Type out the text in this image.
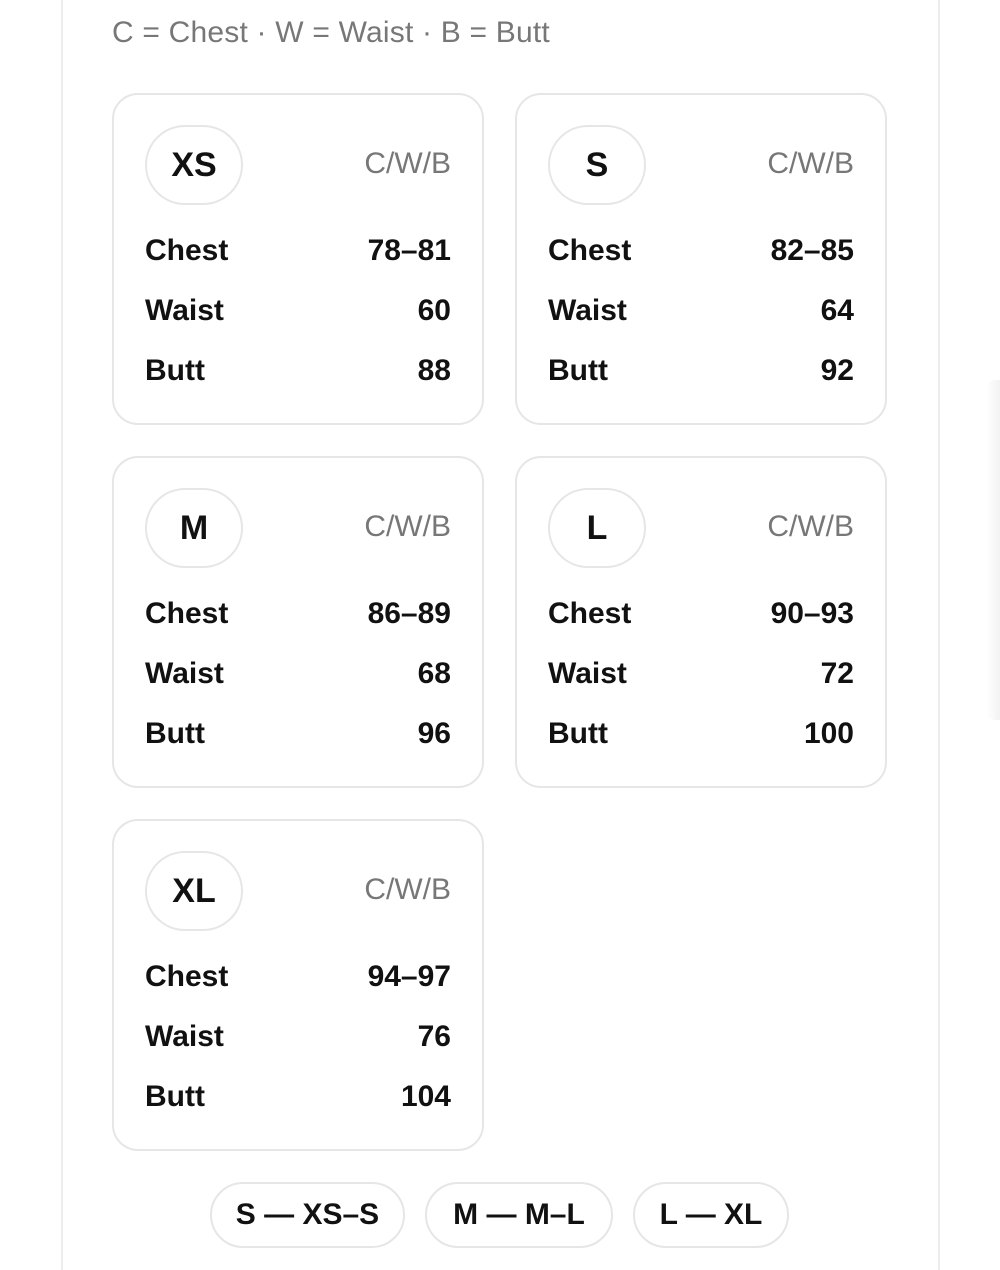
C = Chest · W = Waist · B = Butt
XS	C/W/B
Chest	78–81
Waist	60
Butt	88
S	C/W/B
Chest	82–85
Waist	64
Butt	92
M	C/W/B
Chest	86–89
Waist	68
Butt	96
L	C/W/B
Chest	90–93
Waist	72
Butt	100
XL	C/W/B
Chest	94–97
Waist	76
Butt	104
S — XS–S	M — M–L	L — XL
